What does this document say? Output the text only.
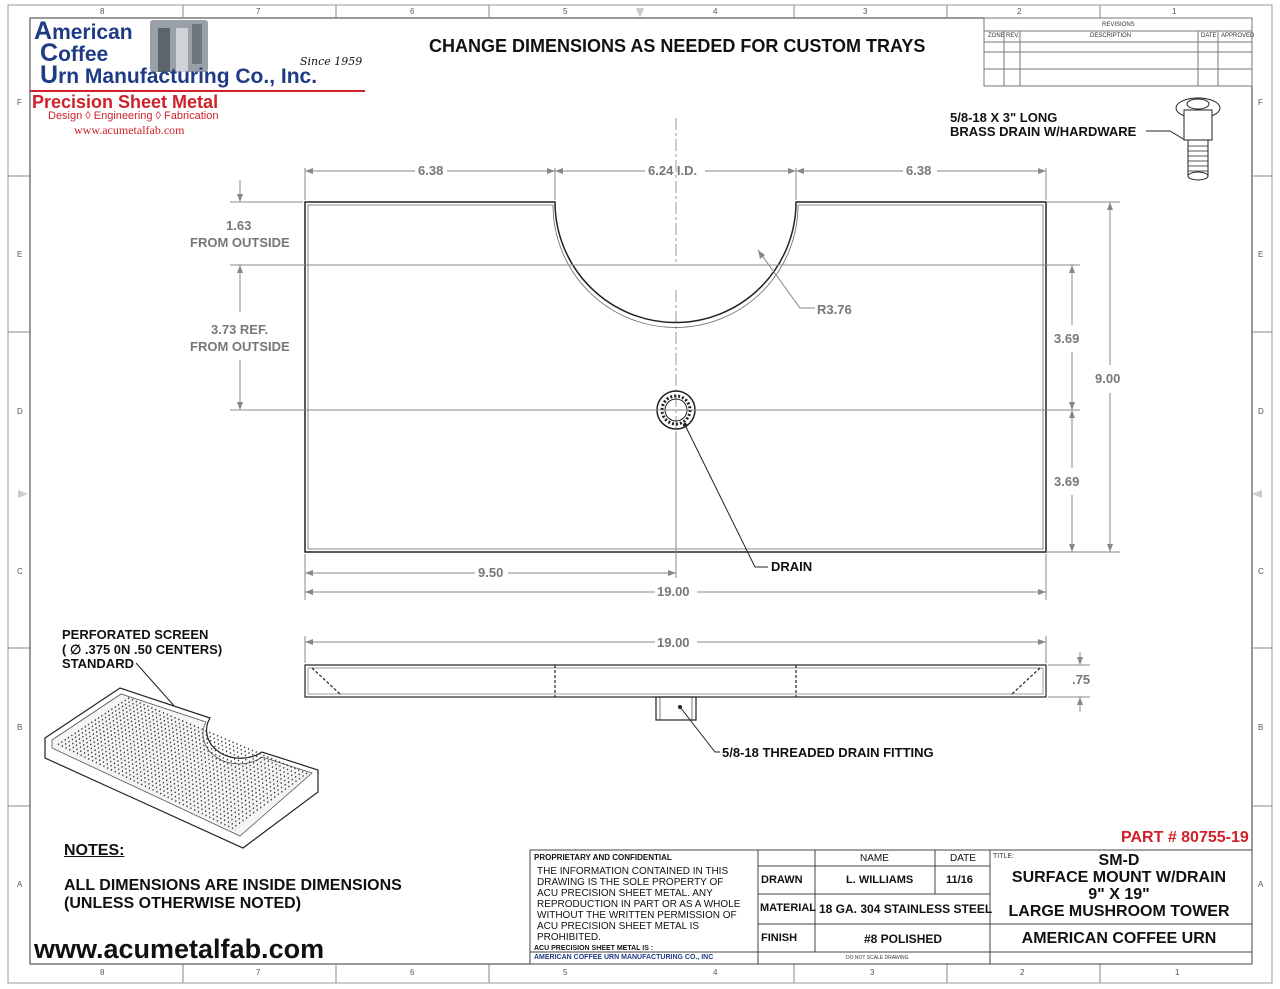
8	7	6	5	4	3	2	1
8	7	6	5	4	3	2	1
F
E
D
C
B
A
F
E
D
C
B
A
American
Coffee
Urn Manufacturing Co., Inc.
Since 1959
Precision Sheet Metal
Design ◊ Engineering ◊ Fabrication
www.acumetalfab.com
CHANGE DIMENSIONS AS NEEDED FOR CUSTOM TRAYS
REVISIONS
ZONE REV.	DESCRIPTION	DATE APPROVED
5/8-18 X 3" LONG
BRASS DRAIN W/HARDWARE
6.38	6.24 I.D.	6.38
1.63
FROM OUTSIDE
3.73 REF.
FROM OUTSIDE
R3.76
3.69
3.69
9.00
9.50
19.00
DRAIN
19.00
.75
5/8-18 THREADED DRAIN FITTING
PERFORATED SCREEN
( ∅ .375 0N .50 CENTERS)
STANDARD
NOTES:
ALL DIMENSIONS ARE INSIDE DIMENSIONS
(UNLESS OTHERWISE NOTED)
www.acumetalfab.com
PART # 80755-19
PROPRIETARY AND CONFIDENTIAL
THE INFORMATION CONTAINED IN THIS
DRAWING IS THE SOLE PROPERTY OF
ACU PRECISION SHEET METAL. ANY
REPRODUCTION IN PART OR AS A WHOLE
WITHOUT THE WRITTEN PERMISSION OF
ACU PRECISION SHEET METAL IS
PROHIBITED.
ACU PRECISION SHEET METAL IS :
AMERICAN COFFEE URN MANUFACTURING CO., INC
NAME	DATE
DRAWN	L. WILLIAMS	11/16
MATERIAL 18 GA. 304 STAINLESS STEEL
FINISH	#8 POLISHED
DO NOT SCALE DRAWING
TITLE:	SM-D
SURFACE MOUNT W/DRAIN
9" X 19"
LARGE MUSHROOM TOWER
AMERICAN COFFEE URN
